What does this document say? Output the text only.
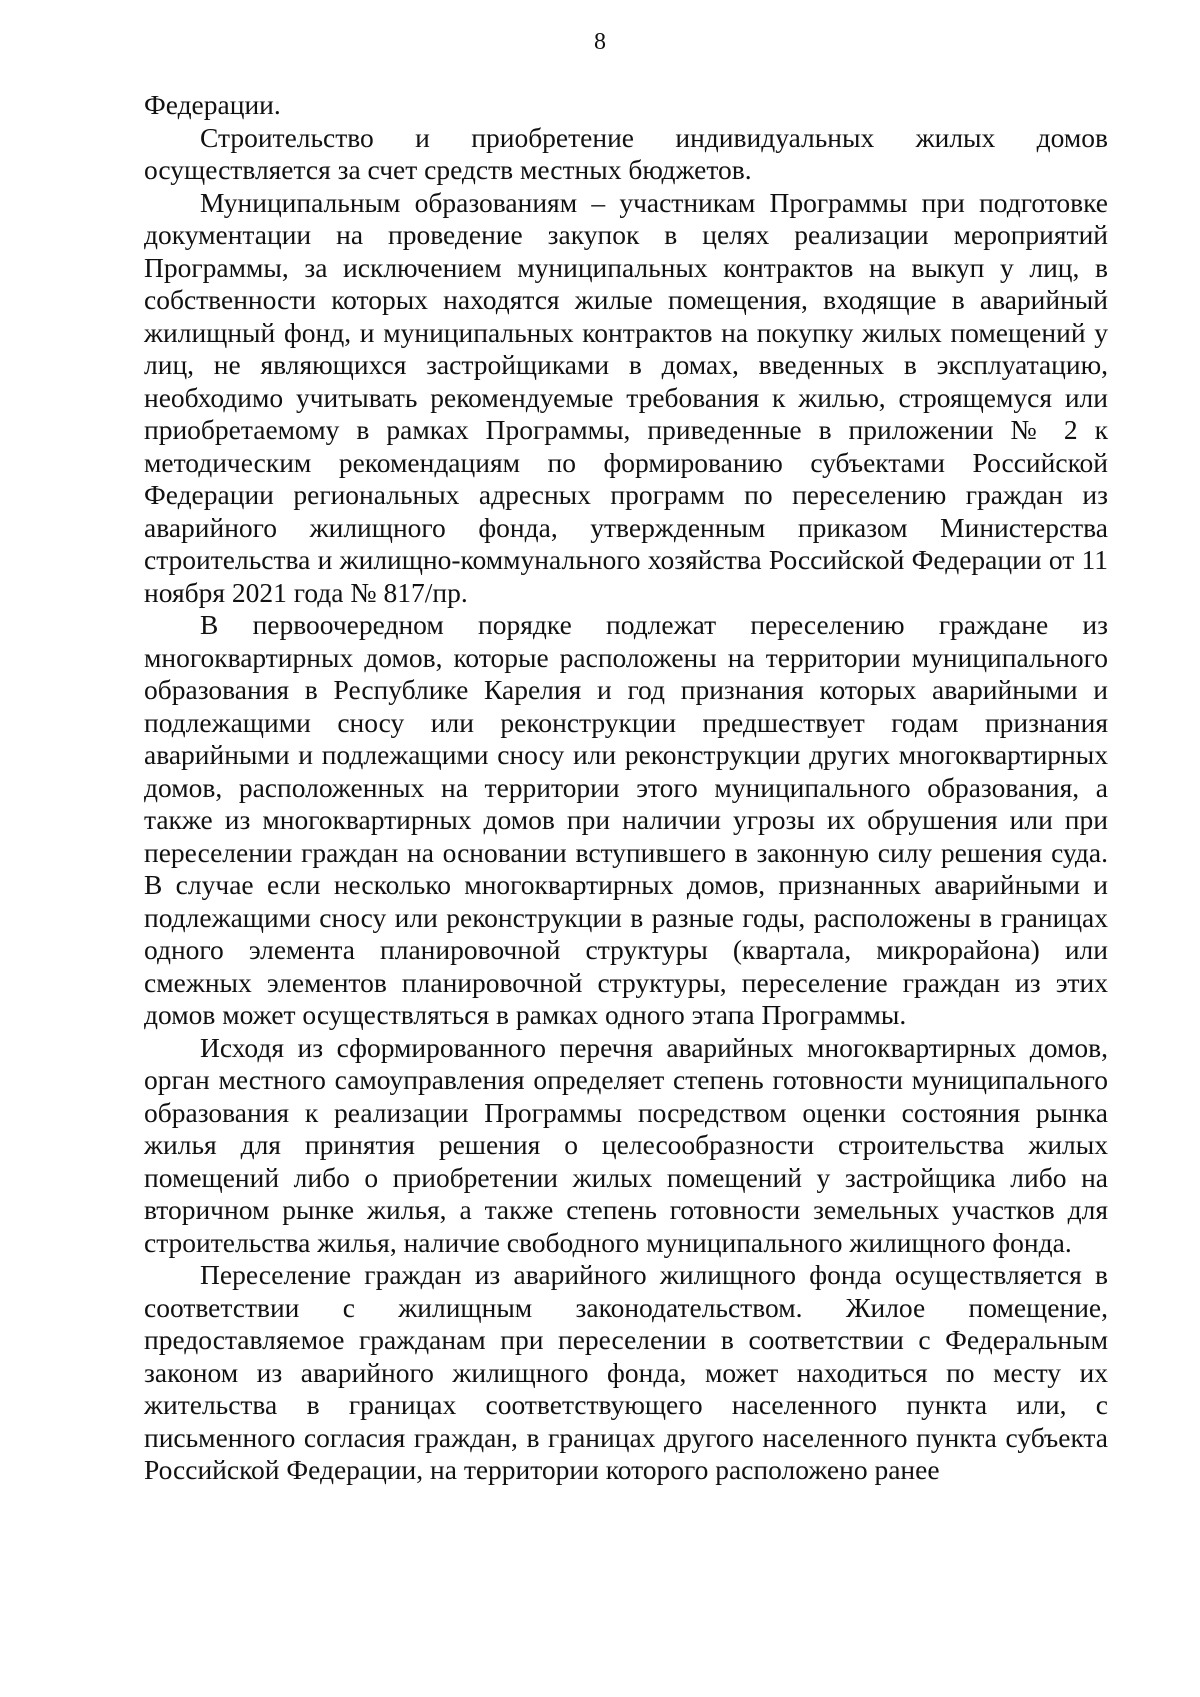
8

Федерации.

Строительство и приобретение индивидуальных жилых домов осуществляется за счет средств местных бюджетов.

Муниципальным образованиям – участникам Программы при подготовке документации на проведение закупок в целях реализации мероприятий Программы, за исключением муниципальных контрактов на выкуп у лиц, в собственности которых находятся жилые помещения, входящие в аварийный жилищный фонд, и муниципальных контрактов на покупку жилых помещений у лиц, не являющихся застройщиками в домах, введенных в эксплуатацию, необходимо учитывать рекомендуемые требования к жилью, строящемуся или приобретаемому в рамках Программы, приведенные в приложении № 2 к методическим рекомендациям по формированию субъектами Российской Федерации региональных адресных программ по переселению граждан из аварийного жилищного фонда, утвержденным приказом Министерства строительства и жилищно-коммунального хозяйства Российской Федерации от 11 ноября 2021 года № 817/пр.

В первоочередном порядке подлежат переселению граждане из многоквартирных домов, которые расположены на территории муниципального образования в Республике Карелия и год признания которых аварийными и подлежащими сносу или реконструкции предшествует годам признания аварийными и подлежащими сносу или реконструкции других многоквартирных домов, расположенных на территории этого муниципального образования, а также из многоквартирных домов при наличии угрозы их обрушения или при переселении граждан на основании вступившего в законную силу решения суда. В случае если несколько многоквартирных домов, признанных аварийными и подлежащими сносу или реконструкции в разные годы, расположены в границах одного элемента планировочной структуры (квартала, микрорайона) или смежных элементов планировочной структуры, переселение граждан из этих домов может осуществляться в рамках одного этапа Программы.

Исходя из сформированного перечня аварийных многоквартирных домов, орган местного самоуправления определяет степень готовности муниципального образования к реализации Программы посредством оценки состояния рынка жилья для принятия решения о целесообразности строительства жилых помещений либо о приобретении жилых помещений у застройщика либо на вторичном рынке жилья, а также степень готовности земельных участков для строительства жилья, наличие свободного муниципального жилищного фонда.

Переселение граждан из аварийного жилищного фонда осуществляется в соответствии с жилищным законодательством. Жилое помещение, предоставляемое гражданам при переселении в соответствии с Федеральным законом из аварийного жилищного фонда, может находиться по месту их жительства в границах соответствующего населенного пункта или, с письменного согласия граждан, в границах другого населенного пункта субъекта Российской Федерации, на территории которого расположено ранее
